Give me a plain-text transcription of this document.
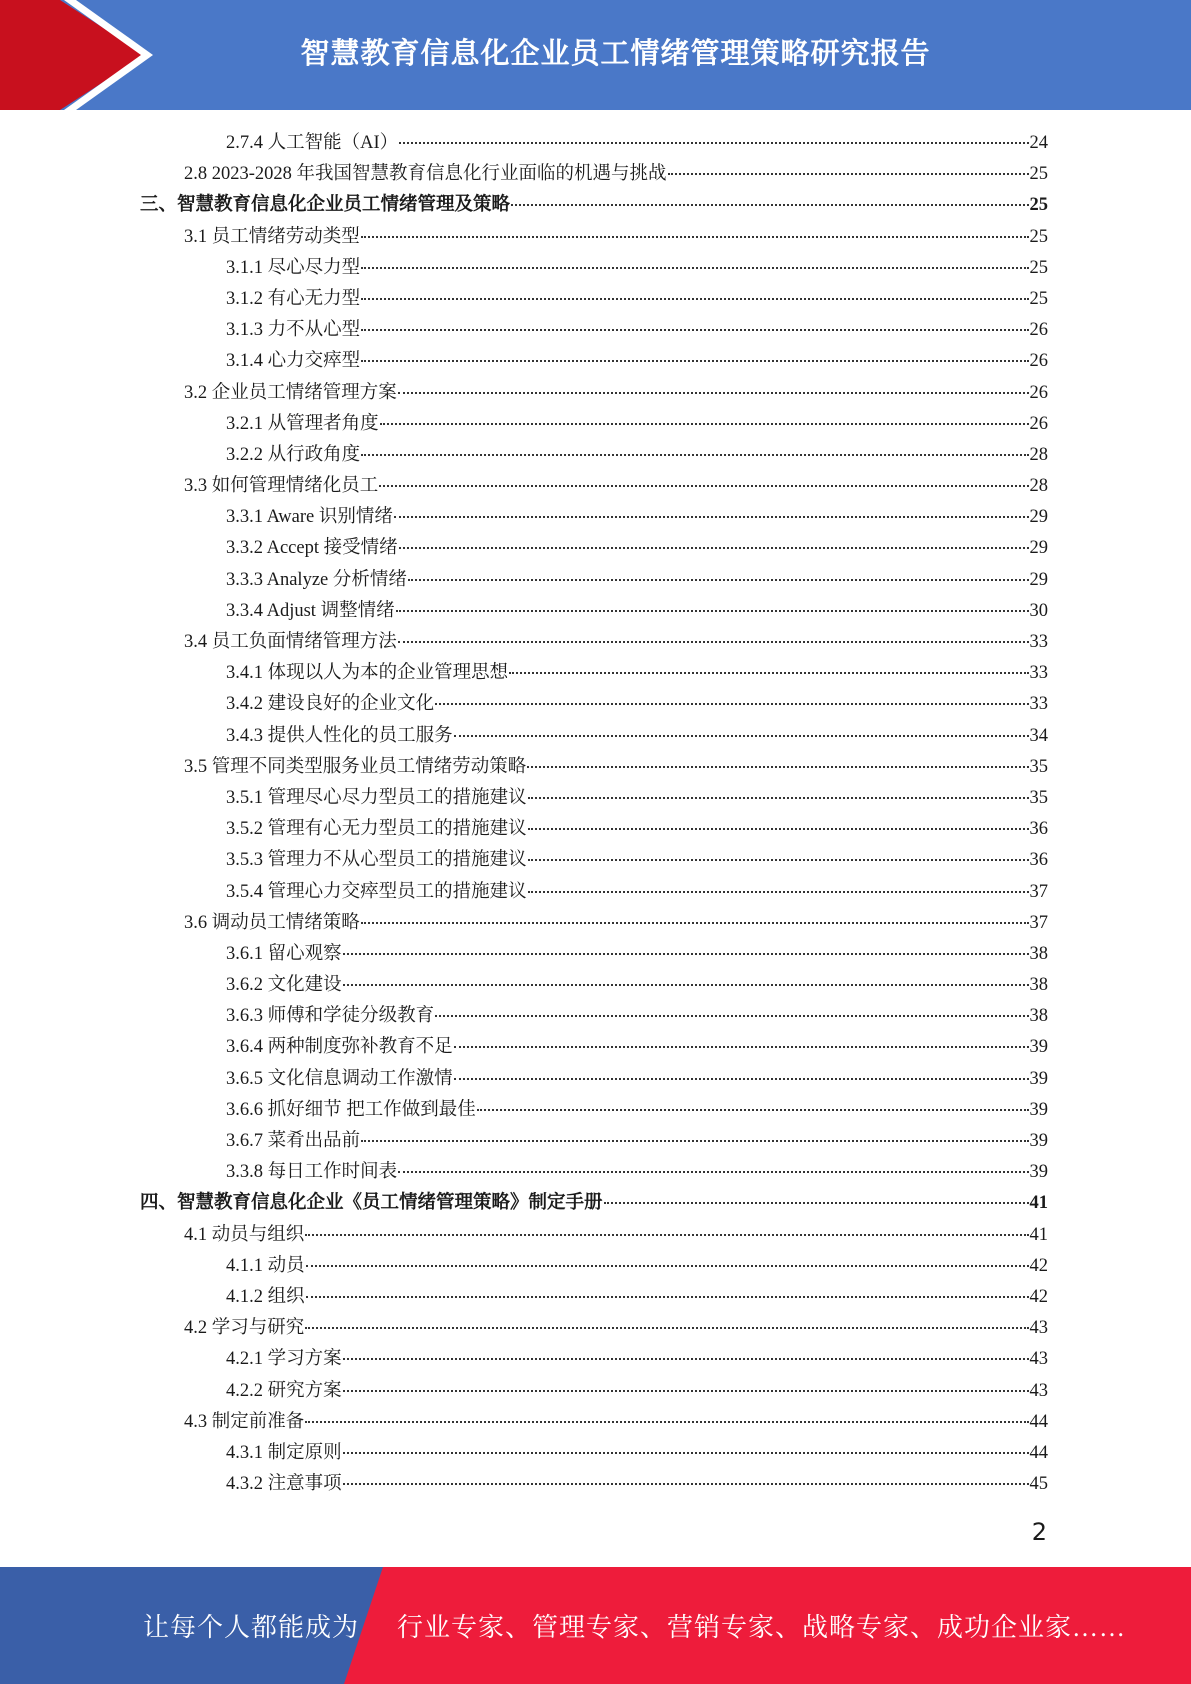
智慧教育信息化企业员工情绪管理策略研究报告
2.7.4 人工智能（AI）	24
2.8 2023-2028 年我国智慧教育信息化行业面临的机遇与挑战	25
三、智慧教育信息化企业员工情绪管理及策略	25
3.1 员工情绪劳动类型	25
3.1.1 尽心尽力型	25
3.1.2 有心无力型	25
3.1.3 力不从心型	26
3.1.4 心力交瘁型	26
3.2 企业员工情绪管理方案	26
3.2.1 从管理者角度	26
3.2.2 从行政角度	28
3.3 如何管理情绪化员工	28
3.3.1 Aware 识别情绪	29
3.3.2 Accept 接受情绪	29
3.3.3 Analyze 分析情绪	29
3.3.4 Adjust 调整情绪	30
3.4 员工负面情绪管理方法	33
3.4.1 体现以人为本的企业管理思想	33
3.4.2 建设良好的企业文化	33
3.4.3 提供人性化的员工服务	34
3.5 管理不同类型服务业员工情绪劳动策略	35
3.5.1 管理尽心尽力型员工的措施建议	35
3.5.2 管理有心无力型员工的措施建议	36
3.5.3 管理力不从心型员工的措施建议	36
3.5.4 管理心力交瘁型员工的措施建议	37
3.6 调动员工情绪策略	37
3.6.1 留心观察	38
3.6.2 文化建设	38
3.6.3 师傅和学徒分级教育	38
3.6.4 两种制度弥补教育不足	39
3.6.5 文化信息调动工作激情	39
3.6.6 抓好细节 把工作做到最佳	39
3.6.7 菜肴出品前	39
3.3.8 每日工作时间表	39
四、智慧教育信息化企业《员工情绪管理策略》制定手册	41
4.1 动员与组织	41
4.1.1 动员	42
4.1.2 组织	42
4.2 学习与研究	43
4.2.1 学习方案	43
4.2.2 研究方案	43
4.3 制定前准备	44
4.3.1 制定原则	44
4.3.2 注意事项	45
2
让每个人都能成为 行业专家、管理专家、营销专家、战略专家、成功企业家……
